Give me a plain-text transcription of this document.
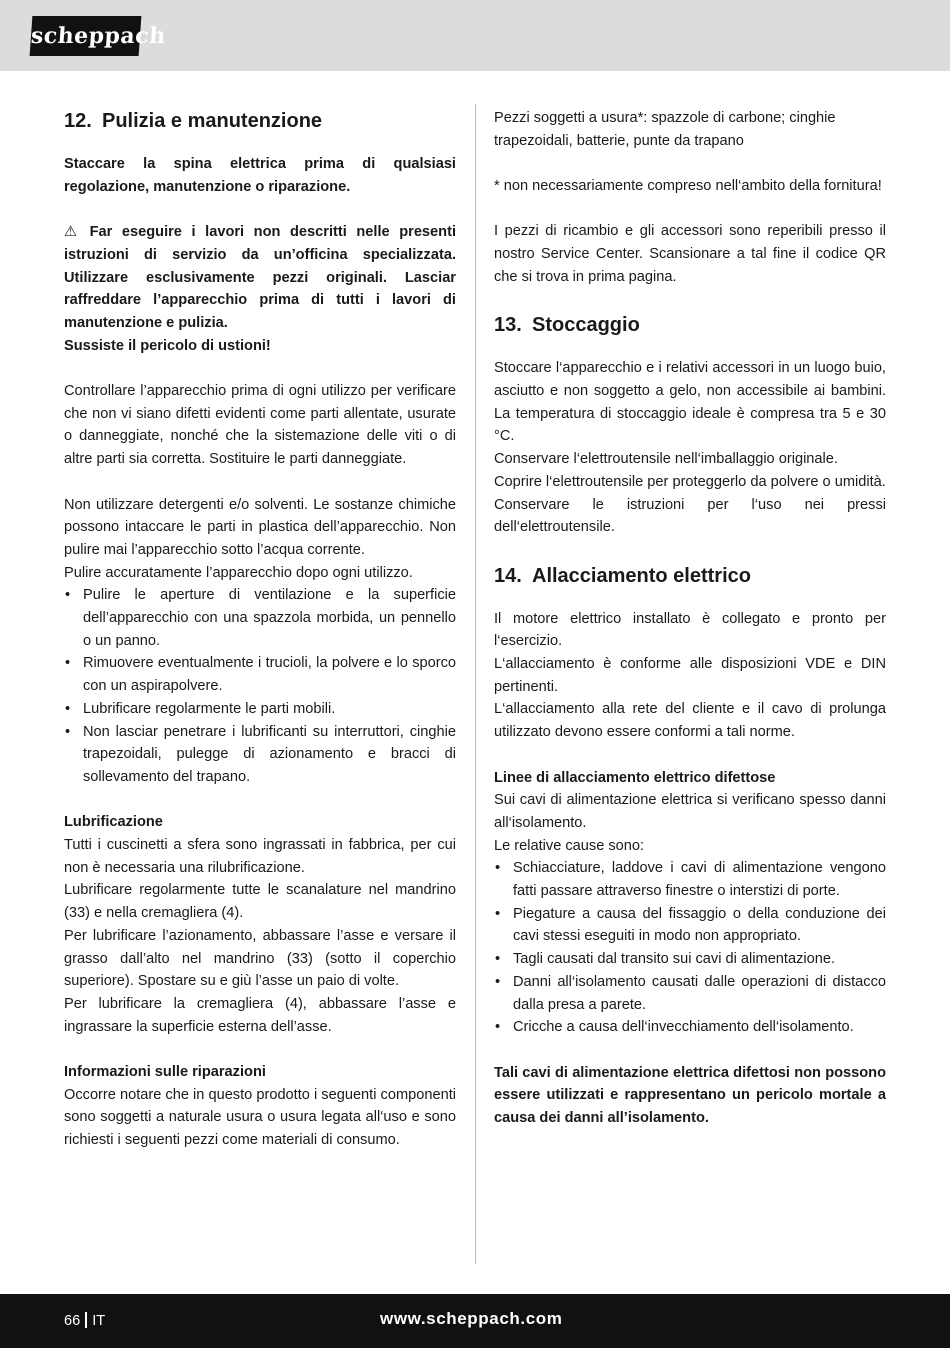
scheppach
12. Pulizia e manutenzione

Staccare la spina elettrica prima di qualsiasi regolazione, manutenzione o riparazione.

⚠ Far eseguire i lavori non descritti nelle presenti istruzioni di servizio da un’officina specializzata. Utilizzare esclusivamente pezzi originali. Lasciar raffreddare l’apparecchio prima di tutti i lavori di manutenzione e pulizia.

Sussiste il pericolo di ustioni!

Controllare l’apparecchio prima di ogni utilizzo per verificare che non vi siano difetti evidenti come parti allentate, usurate o danneggiate, nonché che la sistemazione delle viti o di altre parti sia corretta. Sostituire le parti danneggiate.

Non utilizzare detergenti e/o solventi. Le sostanze chimiche possono intaccare le parti in plastica dell’apparecchio. Non pulire mai l’apparecchio sotto l’acqua corrente.

Pulire accuratamente l’apparecchio dopo ogni utilizzo.

• Pulire le aperture di ventilazione e la superficie dell’apparecchio con una spazzola morbida, un pennello o un panno.
• Rimuovere eventualmente i trucioli, la polvere e lo sporco con un aspirapolvere.
• Lubrificare regolarmente le parti mobili.
• Non lasciar penetrare i lubrificanti su interruttori, cinghie trapezoidali, pulegge di azionamento e bracci di sollevamento del trapano.

Lubrificazione

Tutti i cuscinetti a sfera sono ingrassati in fabbrica, per cui non è necessaria una rilubrificazione.

Lubrificare regolarmente tutte le scanalature nel mandrino (33) e nella cremagliera (4).

Per lubrificare l’azionamento, abbassare l’asse e versare il grasso dall’alto nel mandrino (33) (sotto il coperchio superiore). Spostare su e giù l’asse un paio di volte.

Per lubrificare la cremagliera (4), abbassare l’asse e ingrassare la superficie esterna dell’asse.

Informazioni sulle riparazioni

Occorre notare che in questo prodotto i seguenti componenti sono soggetti a naturale usura o usura legata all‘uso e sono richiesti i seguenti pezzi come materiali di consumo.

Pezzi soggetti a usura*: spazzole di carbone; cinghie trapezoidali, batterie, punte da trapano

* non necessariamente compreso nell‘ambito della fornitura!

I pezzi di ricambio e gli accessori sono reperibili presso il nostro Service Center. Scansionare a tal fine il codice QR che si trova in prima pagina.

13. Stoccaggio

Stoccare l‘apparecchio e i relativi accessori in un luogo buio, asciutto e non soggetto a gelo, non accessibile ai bambini. La temperatura di stoccaggio ideale è compresa tra 5 e 30 °C.

Conservare l‘elettroutensile nell‘imballaggio originale.

Coprire l‘elettroutensile per proteggerlo da polvere o umidità.

Conservare le istruzioni per l‘uso nei pressi dell‘elettroutensile.

14. Allacciamento elettrico

Il motore elettrico installato è collegato e pronto per l‘esercizio.

L‘allacciamento è conforme alle disposizioni VDE e DIN pertinenti.

L‘allacciamento alla rete del cliente e il cavo di prolunga utilizzato devono essere conformi a tali norme.

Linee di allacciamento elettrico difettose

Sui cavi di alimentazione elettrica si verificano spesso danni all‘isolamento.

Le relative cause sono:

• Schiacciature, laddove i cavi di alimentazione vengono fatti passare attraverso finestre o interstizi di porte.
• Piegature a causa del fissaggio o della conduzione dei cavi stessi eseguiti in modo non appropriato.
• Tagli causati dal transito sui cavi di alimentazione.
• Danni all‘isolamento causati dalle operazioni di distacco dalla presa a parete.
• Cricche a causa dell‘invecchiamento dell‘isolamento.

Tali cavi di alimentazione elettrica difettosi non possono essere utilizzati e rappresentano un pericolo mortale a causa dei danni all’isolamento.

66 IT	www.scheppach.com
